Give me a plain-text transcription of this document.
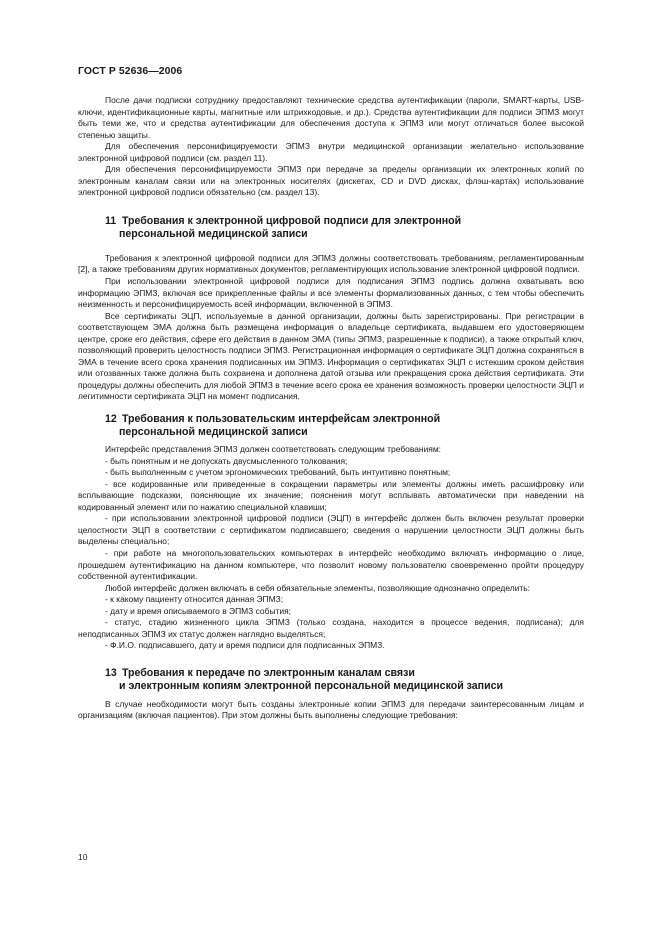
ГОСТ Р 52636—2006

После дачи подписки сотруднику предоставляют технические средства аутентификации (пароли, SMART-карты, USB-ключи, идентификационные карты, магнитные или штрихкодовые, и др.). Средства аутентификации для подписи ЭПМЗ могут быть теми же, что и средства аутентификации для обеспечения доступа к ЭПМЗ или могут отличаться более высокой степенью защиты.

Для обеспечения персонифицируемости ЭПМЗ внутри медицинской организации желательно использование электронной цифровой подписи (см. раздел 11).

Для обеспечения персонифицируемости ЭПМЗ при передаче за пределы организации их электронных копий по электронным каналам связи или на электронных носителях (дискетах, CD и DVD дисках, флэш-картах) использование электронной цифровой подписи обязательно (см. раздел 13).

11 Требования к электронной цифровой подписи для электронной
персональной медицинской записи

Требования к электронной цифровой подписи для ЭПМЗ должны соответствовать требованиям, регламентированным [2], а также требованиям других нормативных документов, регламентирующих использование электронной цифровой подписи.

При использовании электронной цифровой подписи для подписания ЭПМЗ подпись должна охватывать всю информацию ЭПМЗ, включая все прикрепленные файлы и все элементы формализованных данных, с тем чтобы обеспечить неизменность и персонифицируемость всей информации, включенной в ЭПМЗ.

Все сертификаты ЭЦП, используемые в данной организации, должны быть зарегистрированы. При регистрации в соответствующем ЭМА должна быть размещена информация о владельце сертификата, выдавшем его удостоверяющем центре, сроке его действия, сфере его действия в данном ЭМА (типы ЭПМЗ, разрешенные к подписи), а также открытый ключ, позволяющий проверить целостность подписи ЭПМЗ. Регистрационная информация о сертификате ЭЦП должна сохраняться в ЭМА в течение всего срока хранения подписанных им ЭПМЗ. Информация о сертификатах ЭЦП с истекшим сроком действия или отозванных также должна быть сохранена и дополнена датой отзыва или прекращения срока действия сертификата. Эти процедуры должны обеспечить для любой ЭПМЗ в течение всего срока ее хранения возможность проверки целостности ЭЦП и легитимности сертификата ЭЦП на момент подписания.

12 Требования к пользовательским интерфейсам электронной
персональной медицинской записи

Интерфейс представления ЭПМЗ должен соответствовать следующим требованиям:

- быть понятным и не допускать двусмысленного толкования;

- быть выполненным с учетом эргономических требований, быть интуитивно понятным;

- все кодированные или приведенные в сокращении параметры или элементы должны иметь расшифровку или всплывающие подсказки, поясняющие их значение; пояснения могут всплывать автоматически при наведении на кодированный элемент или по нажатию специальной клавиши;

- при использовании электронной цифровой подписи (ЭЦП) в интерфейс должен быть включен результат проверки целостности ЭЦП в соответствии с сертификатом подписавшего; сведения о нарушении целостности ЭЦП должны быть выделены специально;

- при работе на многопользовательских компьютерах в интерфейс необходимо включать информацию о лице, прошедшем аутентификацию на данном компьютере, что позволит новому пользователю своевременно пройти процедуру собственной аутентификации.

Любой интерфейс должен включать в себя обязательные элементы, позволяющие однозначно определить:

- к какому пациенту относится данная ЭПМЗ;

- дату и время описываемого в ЭПМЗ события;

- статус, стадию жизненного цикла ЭПМЗ (только создана, находится в процессе ведения, подписана); для неподписанных ЭПМЗ их статус должен наглядно выделяться;

- Ф.И.О. подписавшего, дату и время подписи для подписанных ЭПМЗ.

13 Требования к передаче по электронным каналам связи
и электронным копиям электронной персональной медицинской записи

В случае необходимости могут быть созданы электронные копии ЭПМЗ для передачи заинтересованным лицам и организациям (включая пациентов). При этом должны быть выполнены следующие требования:

10
